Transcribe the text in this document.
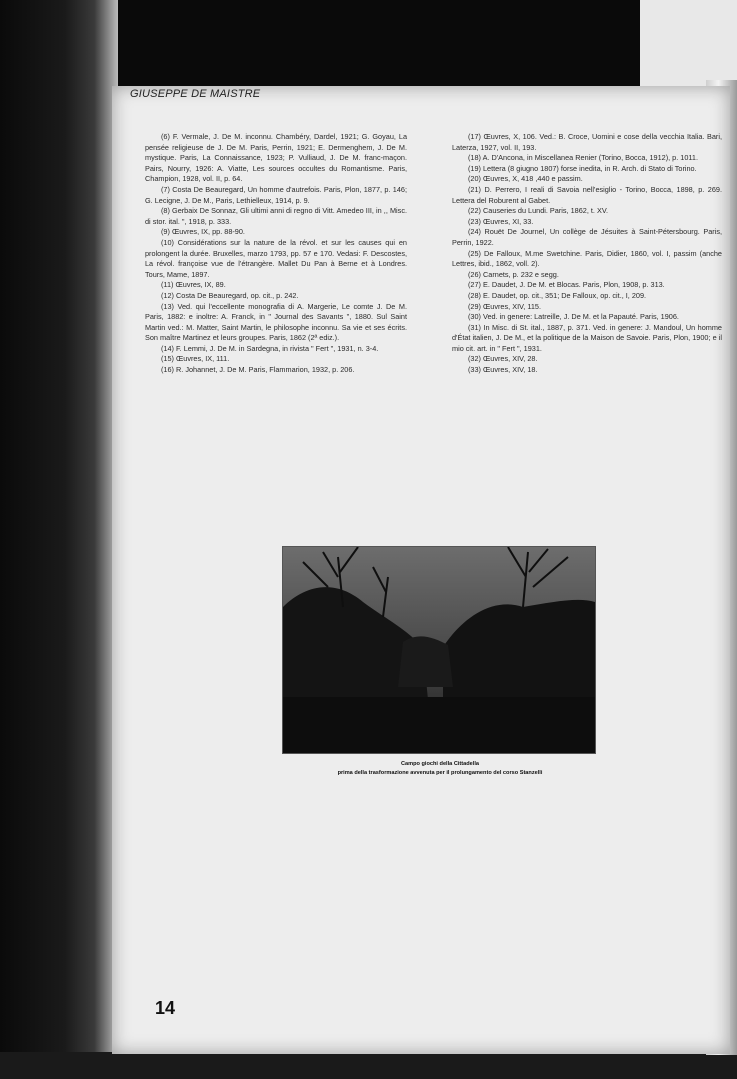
GIUSEPPE DE MAISTRE

(6) F. Vermale, J. De M. inconnu. Chambéry, Dardel, 1921; G. Goyau, La pensée religieuse de J. De M. Paris, Perrin, 1921; E. Dermenghem, J. De M. mystique. Paris, La Connaissance, 1923; P. Vulliaud, J. De M. franc-maçon. Pairs, Nourry, 1926: A. Viatte, Les sources occultes du Romantisme. Paris, Champion, 1928, vol. II, p. 64.

(7) Costa De Beauregard, Un homme d'autrefois. Paris, Plon, 1877, p. 146; G. Lecigne, J. De M., Paris, Lethielleux, 1914, p. 9.

(8) Gerbaix De Sonnaz, Gli ultimi anni di regno di Vitt. Amedeo III, in ,, Misc. di stor. ital. ", 1918, p. 333.

(9) Œuvres, IX, pp. 88-90.

(10) Considérations sur la nature de la révol. et sur les causes qui en prolongent la durée. Bruxelles, marzo 1793, pp. 57 e 170. Vedasi: F. Descostes, La révol. françoise vue de l'étrangère. Mallet Du Pan à Berne et à Londres. Tours, Mame, 1897.

(11) Œuvres, IX, 89.

(12) Costa De Beauregard, op. cit., p. 242.

(13) Ved. qui l'eccellente monografia di A. Margerie, Le comte J. De M. Paris, 1882: e inoltre: A. Franck, in " Journal des Savants ", 1880. Sul Saint Martin ved.: M. Matter, Saint Martin, le philosophe inconnu. Sa vie et ses écrits. Son maître Martinez et leurs groupes. Paris, 1862 (2ª ediz.).

(14) F. Lemmi, J. De M. in Sardegna, in rivista " Fert ", 1931, n. 3-4.

(15) Œuvres, IX, 111.

(16) R. Johannet, J. De M. Paris, Flammarion, 1932, p. 206.

(17) Œuvres, X, 106. Ved.: B. Croce, Uomini e cose della vecchia Italia. Bari, Laterza, 1927, vol. II, 193.

(18) A. D'Ancona, in Miscellanea Renier (Torino, Bocca, 1912), p. 1011.

(19) Lettera (8 giugno 1807) forse inedita, in R. Arch. di Stato di Torino.

(20) Œuvres, X, 418 ,440 e passim.

(21) D. Perrero, I reali di Savoia nell'esiglio - Torino, Bocca, 1898, p. 269. Lettera del Roburent al Gabet.

(22) Causeries du Lundi. Paris, 1862, t. XV.

(23) Œuvres, XI, 33.

(24) Rouët De Journel, Un collège de Jésuites à Saint-Pétersbourg. Paris, Perrin, 1922.

(25) De Falloux, M.me Swetchine. Paris, Didier, 1860, vol. I, passim (anche Lettres, ibid., 1862, voll. 2).

(26) Carnets, p. 232 e segg.

(27) E. Daudet, J. De M. et Blocas. Paris, Plon, 1908, p. 313.

(28) E. Daudet, op. cit., 351; De Falloux, op. cit., I, 209.

(29) Œuvres, XIV, 115.

(30) Ved. in genere: Latreille, J. De M. et la Papauté. Paris, 1906.

(31) In Misc. di St. ital., 1887, p. 371. Ved. in genere: J. Mandoul, Un homme d'État italien, J. De M., et la politique de la Maison de Savoie. Paris, Plon, 1900; e il mio cit. art. in " Fert ", 1931.

(32) Œuvres, XIV, 28.

(33) Œuvres, XIV, 18.

Campo giochi della Cittadella
prima della trasformazione avvenuta per il prolungamento del corso Stanzelli
14
